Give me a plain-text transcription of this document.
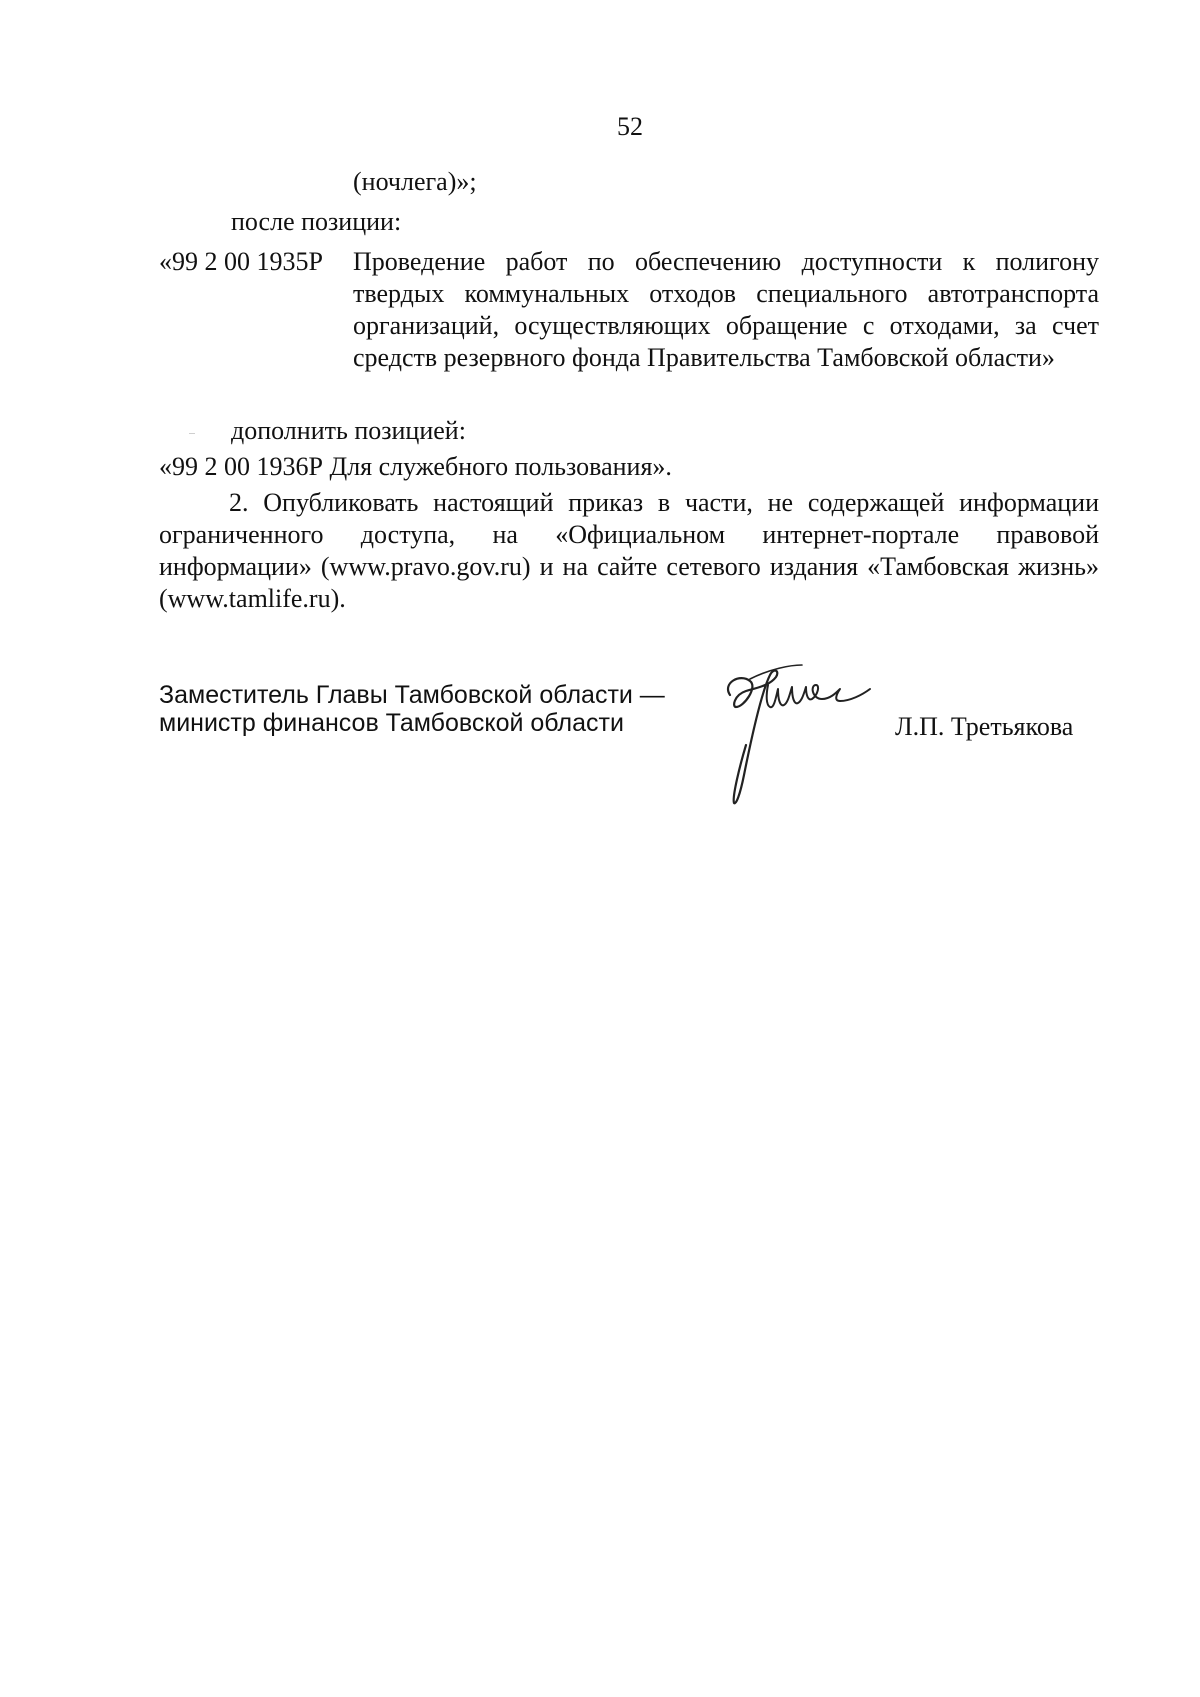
52
(ночлега)»;
после позиции:
«99 2 00 1935Р Проведение работ по обеспечению доступности к полигону твердых коммунальных отходов специального автотранспорта организаций, осуществляющих обращение с отходами, за счет средств резервного фонда Правительства Тамбовской области»
дополнить позицией:
«99 2 00 1936Р Для служебного пользования».
2. Опубликовать настоящий приказ в части, не содержащей информации ограниченного доступа, на «Официальном интернет-портале правовой информации» (www.pravo.gov.ru) и на сайте сетевого издания «Тамбовская жизнь» (www.tamlife.ru).
Заместитель Главы Тамбовской области —
министр финансов Тамбовской области	Л.П. Третьякова
